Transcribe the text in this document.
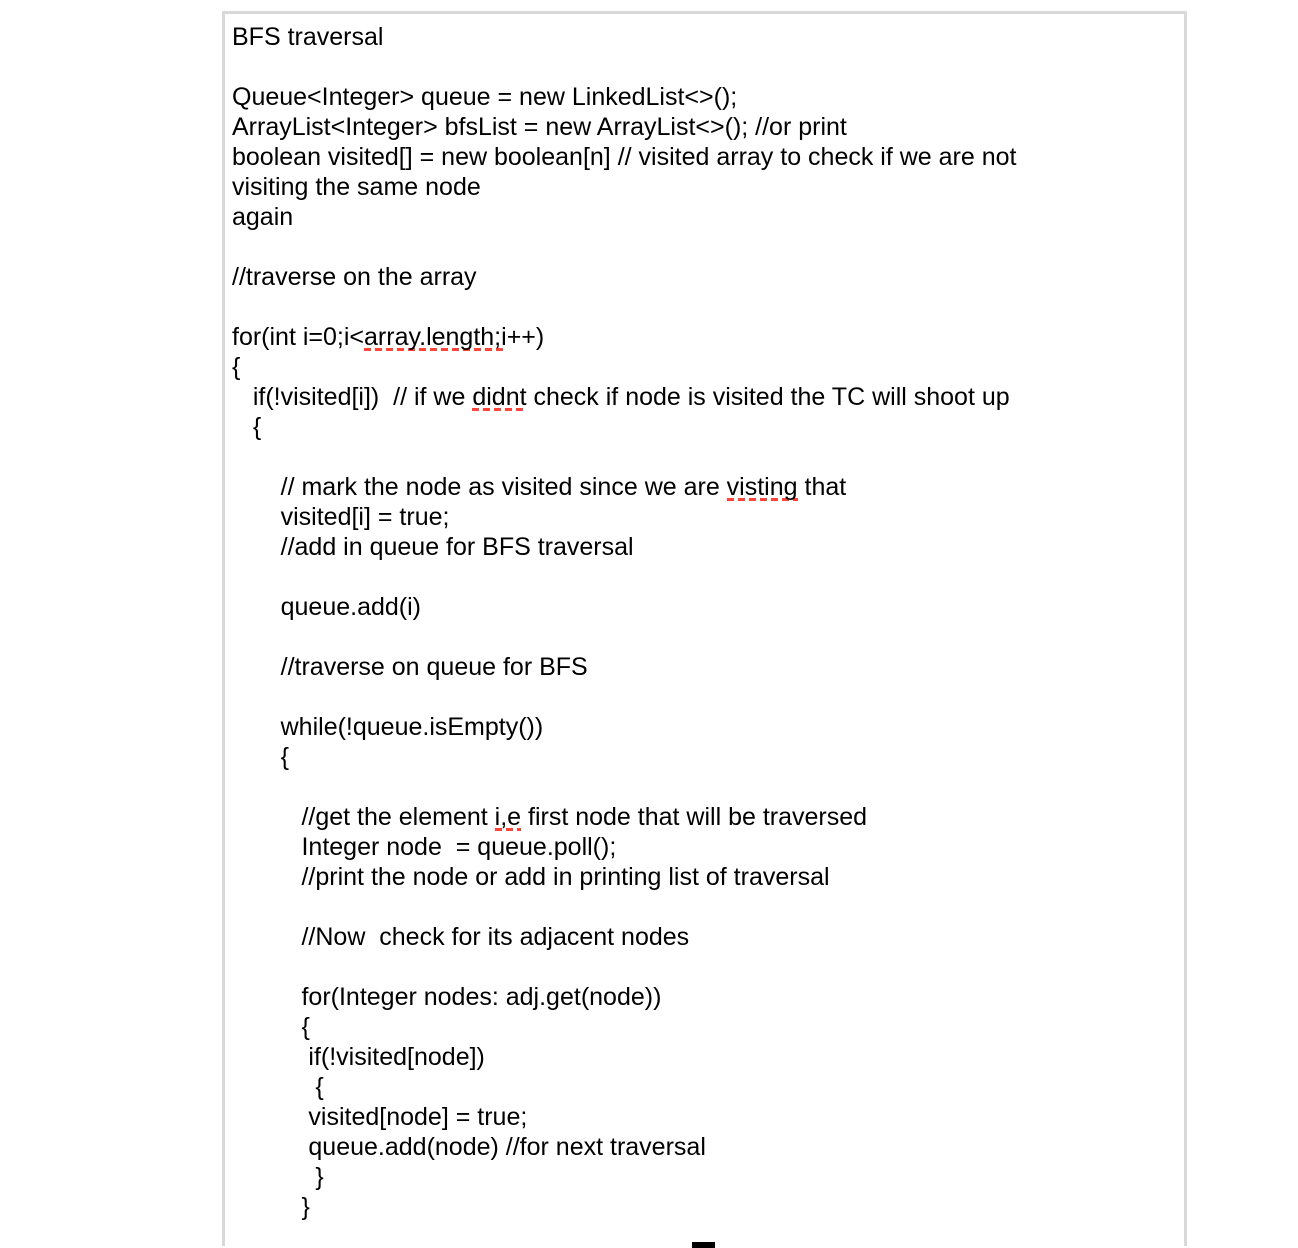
BFS traversal
Queue<Integer> queue = new LinkedList<>();
ArrayList<Integer> bfsList = new ArrayList<>(); //or print
boolean visited[] = new boolean[n] // visited array to check if we are not
visiting the same node
again
//traverse on the array
for(int i=0;i<array.length;i++)
{
if(!visited[i])  // if we didnt check if node is visited the TC will shoot up
{
// mark the node as visited since we are visting that
visited[i] = true;
//add in queue for BFS traversal
queue.add(i)
//traverse on queue for BFS
while(!queue.isEmpty())
{
//get the element i,e first node that will be traversed
Integer node  = queue.poll();
//print the node or add in printing list of traversal
//Now  check for its adjacent nodes
for(Integer nodes: adj.get(node))
{
if(!visited[node])
{
visited[node] = true;
queue.add(node) //for next traversal
}
}
